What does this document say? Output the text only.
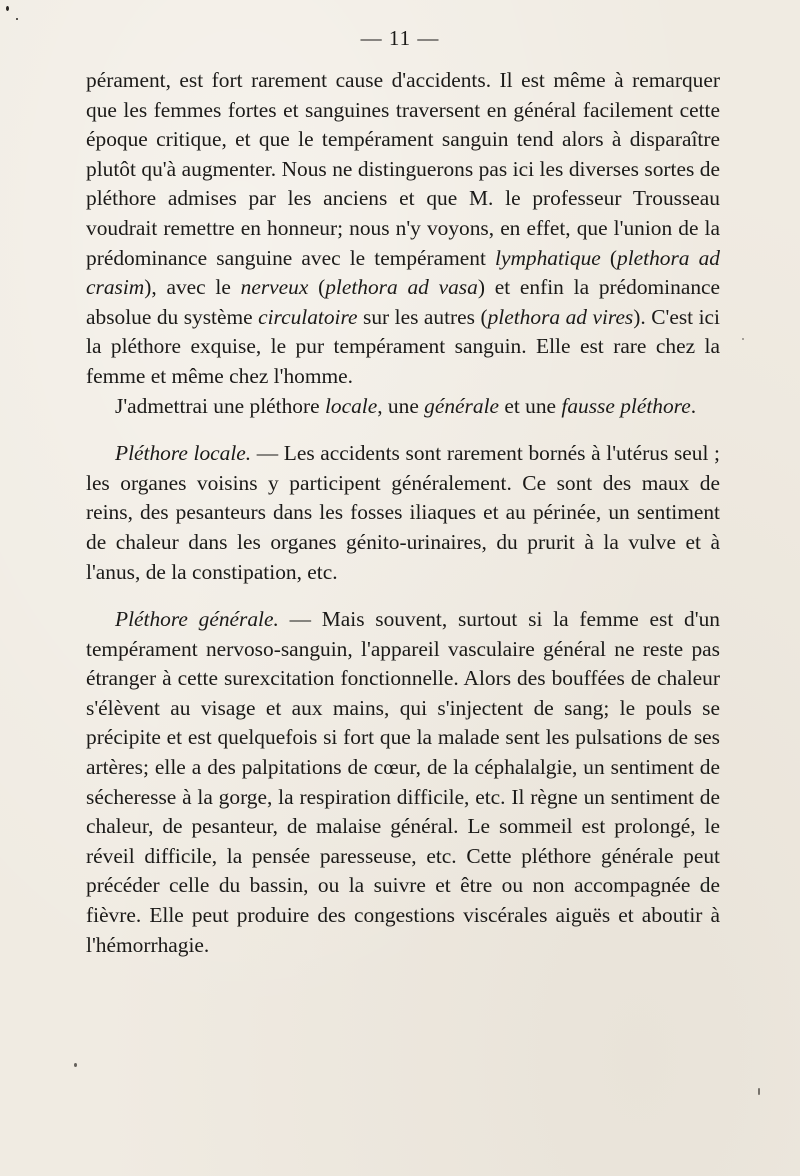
— 11 —

pérament, est fort rarement cause d'accidents. Il est même à remarquer que les femmes fortes et sanguines traversent en général facilement cette époque critique, et que le tempérament sanguin tend alors à disparaître plutôt qu'à augmenter. Nous ne distinguerons pas ici les diverses sortes de pléthore admises par les anciens et que M. le professeur Trousseau voudrait remettre en honneur; nous n'y voyons, en effet, que l'union de la prédominance sanguine avec le tempérament lymphatique (plethora ad crasim), avec le nerveux (plethora ad vasa) et enfin la prédominance absolue du système circulatoire sur les autres (plethora ad vires). C'est ici la pléthore exquise, le pur tempérament sanguin. Elle est rare chez la femme et même chez l'homme.

J'admettrai une pléthore locale, une générale et une fausse pléthore.

Pléthore locale. — Les accidents sont rarement bornés à l'utérus seul ; les organes voisins y participent généralement. Ce sont des maux de reins, des pesanteurs dans les fosses iliaques et au périnée, un sentiment de chaleur dans les organes génito-urinaires, du prurit à la vulve et à l'anus, de la constipation, etc.

Pléthore générale. — Mais souvent, surtout si la femme est d'un tempérament nervoso-sanguin, l'appareil vasculaire général ne reste pas étranger à cette surexcitation fonctionnelle. Alors des bouffées de chaleur s'élèvent au visage et aux mains, qui s'injectent de sang; le pouls se précipite et est quelquefois si fort que la malade sent les pulsations de ses artères; elle a des palpitations de cœur, de la céphalalgie, un sentiment de sécheresse à la gorge, la respiration difficile, etc. Il règne un sentiment de chaleur, de pesanteur, de malaise général. Le sommeil est prolongé, le réveil difficile, la pensée paresseuse, etc. Cette pléthore générale peut précéder celle du bassin, ou la suivre et être ou non accompagnée de fièvre. Elle peut produire des congestions viscérales aiguës et aboutir à l'hémorrhagie.
